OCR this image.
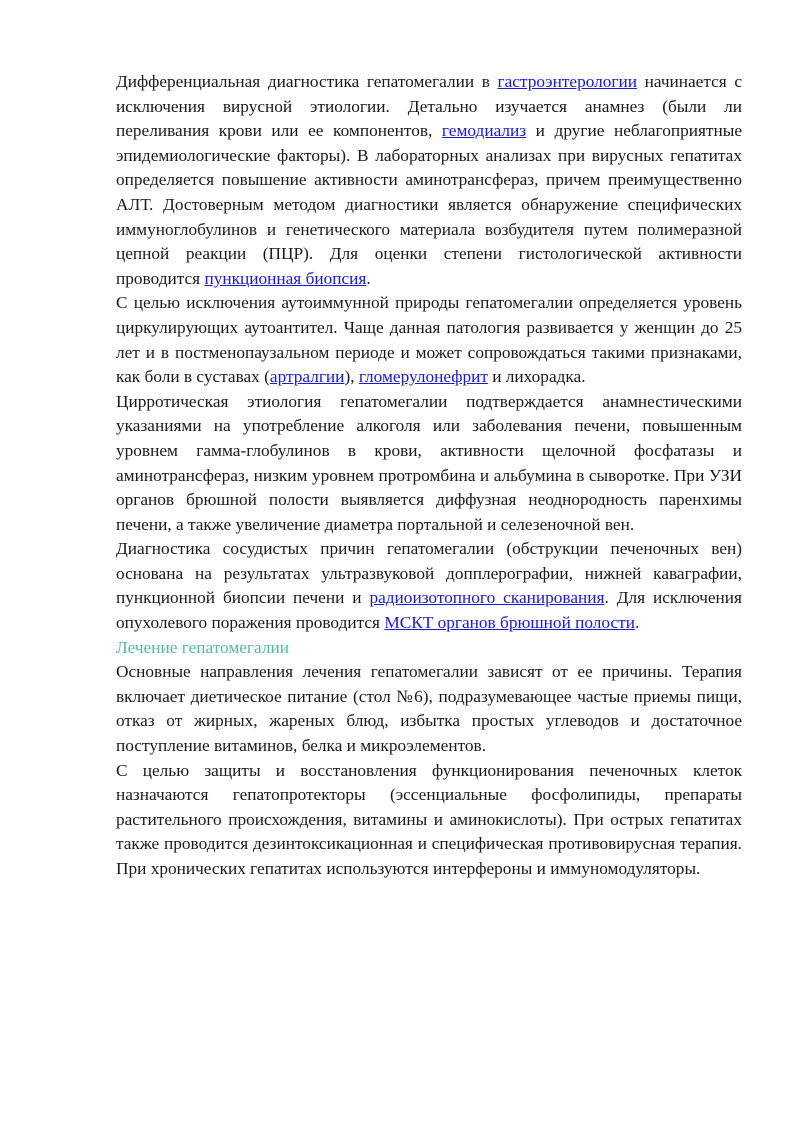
Дифференциальная диагностика гепатомегалии в гастроэнтерологии начинается с исключения вирусной этиологии. Детально изучается анамнез (были ли переливания крови или ее компонентов, гемодиализ и другие неблагоприятные эпидемиологические факторы). В лабораторных анализах при вирусных гепатитах определяется повышение активности аминотрансфераз, причем преимущественно АЛТ. Достоверным методом диагностики является обнаружение специфических иммуноглобулинов и генетического материала возбудителя путем полимеразной цепной реакции (ПЦР). Для оценки степени гистологической активности проводится пункционная биопсия.

С целью исключения аутоиммунной природы гепатомегалии определяется уровень циркулирующих аутоантител. Чаще данная патология развивается у женщин до 25 лет и в постменопаузальном периоде и может сопровождаться такими признаками, как боли в суставах (артралгии), гломерулонефрит и лихорадка.

Цирротическая этиология гепатомегалии подтверждается анамнестическими указаниями на употребление алкоголя или заболевания печени, повышенным уровнем гамма-глобулинов в крови, активности щелочной фосфатазы и аминотрансфераз, низким уровнем протромбина и альбумина в сыворотке. При УЗИ органов брюшной полости выявляется диффузная неоднородность паренхимы печени, а также увеличение диаметра портальной и селезеночной вен.

Диагностика сосудистых причин гепатомегалии (обструкции печеночных вен) основана на результатах ультразвуковой допплерографии, нижней каваграфии, пункционной биопсии печени и радиоизотопного сканирования. Для исключения опухолевого поражения проводится МСКТ органов брюшной полости.

Лечение гепатомегалии

Основные направления лечения гепатомегалии зависят от ее причины. Терапия включает диетическое питание (стол №6), подразумевающее частые приемы пищи, отказ от жирных, жареных блюд, избытка простых углеводов и достаточное поступление витаминов, белка и микроэлементов.

С целью защиты и восстановления функционирования печеночных клеток назначаются гепатопротекторы (эссенциальные фосфолипиды, препараты растительного происхождения, витамины и аминокислоты). При острых гепатитах также проводится дезинтоксикационная и специфическая противовирусная терапия. При хронических гепатитах используются интерфероны и иммуномодуляторы.
